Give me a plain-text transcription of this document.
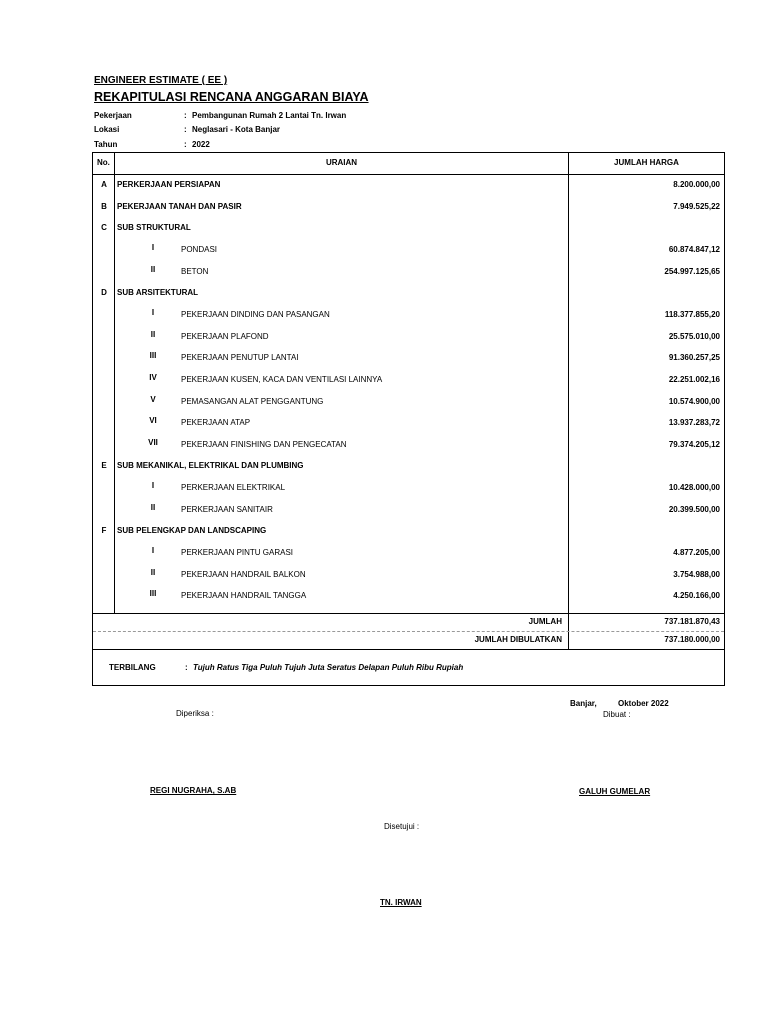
ENGINEER ESTIMATE ( EE )
REKAPITULASI RENCANA ANGGARAN BIAYA
Pekerjaan	: Pembangunan Rumah 2 Lantai Tn. Irwan
Lokasi	: Neglasari - Kota Banjar
Tahun	: 2022
No.	URAIAN	JUMLAH HARGA
A	PERKERJAAN PERSIAPAN	8.200.000,00
B	PEKERJAAN TANAH DAN PASIR	7.949.525,22
C	SUB STRUKTURAL
I	PONDASI	60.874.847,12
II	BETON	254.997.125,65
D	SUB ARSITEKTURAL
I	PEKERJAAN DINDING DAN PASANGAN	118.377.855,20
II	PEKERJAAN PLAFOND	25.575.010,00
III	PEKERJAAN PENUTUP LANTAI	91.360.257,25
IV	PEKERJAAN KUSEN, KACA DAN VENTILASI LAINNYA	22.251.002,16
V	PEMASANGAN ALAT PENGGANTUNG	10.574.900,00
VI	PEKERJAAN ATAP	13.937.283,72
VII	PEKERJAAN FINISHING DAN PENGECATAN	79.374.205,12
E	SUB MEKANIKAL, ELEKTRIKAL DAN PLUMBING
I	PERKERJAAN ELEKTRIKAL	10.428.000,00
II	PERKERJAAN SANITAIR	20.399.500,00
F	SUB PELENGKAP DAN LANDSCAPING
I	PERKERJAAN PINTU GARASI	4.877.205,00
II	PEKERJAAN HANDRAIL BALKON	3.754.988,00
III	PEKERJAAN HANDRAIL TANGGA	4.250.166,00
JUMLAH	737.181.870,43
JUMLAH DIBULATKAN	737.180.000,00
TERBILANG	: Tujuh Ratus Tiga Puluh Tujuh Juta Seratus Delapan Puluh Ribu Rupiah
Banjar,	Oktober 2022
Diperiksa :	Dibuat :
REGI NUGRAHA, S.AB	GALUH GUMELAR
Disetujui :
TN. IRWAN
